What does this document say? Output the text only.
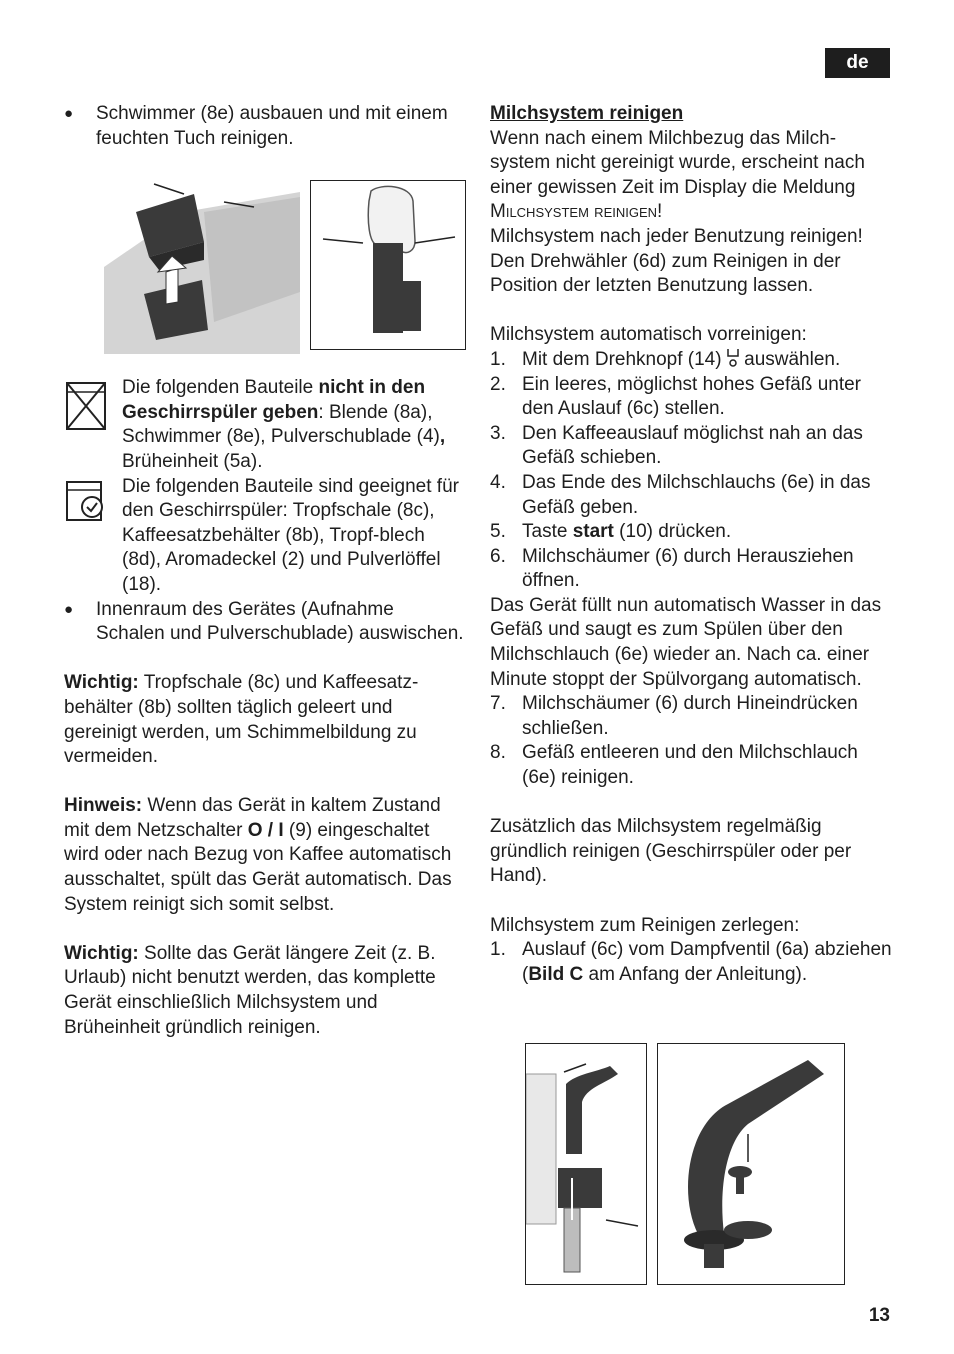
de
13

● Schwimmer (8e) ausbauen und mit einem feuchten Tuch reinigen.

Die folgenden Bauteile nicht in den Geschirrspüler geben: Blende (8a), Schwimmer (8e), Pulverschublade (4), Brüheinheit (5a).

Die folgenden Bauteile sind geeignet für den Geschirrspüler: Tropfschale (8c), Kaffeesatzbehälter (8b), Tropf-blech (8d), Aromadeckel (2) und Pulverlöffel (18).

● Innenraum des Gerätes (Aufnahme Schalen und Pulverschublade) auswischen.

Wichtig: Tropfschale (8c) und Kaffeesatz-behälter (8b) sollten täglich geleert und gereinigt werden, um Schimmelbildung zu vermeiden.

Hinweis: Wenn das Gerät in kaltem Zustand mit dem Netzschalter O / I (9) eingeschaltet wird oder nach Bezug von Kaffee automatisch ausschaltet, spült das Gerät automatisch. Das System reinigt sich somit selbst.

Wichtig: Sollte das Gerät längere Zeit (z. B. Urlaub) nicht benutzt werden, das komplette Gerät einschließlich Milchsystem und Brüheinheit gründlich reinigen.

Milchsystem reinigen

Wenn nach einem Milchbezug das Milch-system nicht gereinigt wurde, erscheint nach einer gewissen Zeit im Display die Meldung Milchsystem reinigen!

Milchsystem nach jeder Benutzung reinigen! Den Drehwähler (6d) zum Reinigen in der Position der letzten Benutzung lassen.

Milchsystem automatisch vorreinigen:

1. Mit dem Drehknopf (14)  auswählen.

2. Ein leeres, möglichst hohes Gefäß unter den Auslauf (6c) stellen.

3. Den Kaffeeauslauf möglichst nah an das Gefäß schieben.

4. Das Ende des Milchschlauchs (6e) in das Gefäß geben.

5. Taste start (10) drücken.

6. Milchschäumer (6) durch Herausziehen öffnen.

Das Gerät füllt nun automatisch Wasser in das Gefäß und saugt es zum Spülen über den Milchschlauch (6e) wieder an. Nach ca. einer Minute stoppt der Spülvorgang automatisch.

7. Milchschäumer (6) durch Hineindrücken schließen.

8. Gefäß entleeren und den Milchschlauch (6e) reinigen.

Zusätzlich das Milchsystem regelmäßig gründlich reinigen (Geschirrspüler oder per Hand).

Milchsystem zum Reinigen zerlegen:

1. Auslauf (6c) vom Dampfventil (6a) abziehen (Bild C am Anfang der Anleitung).
